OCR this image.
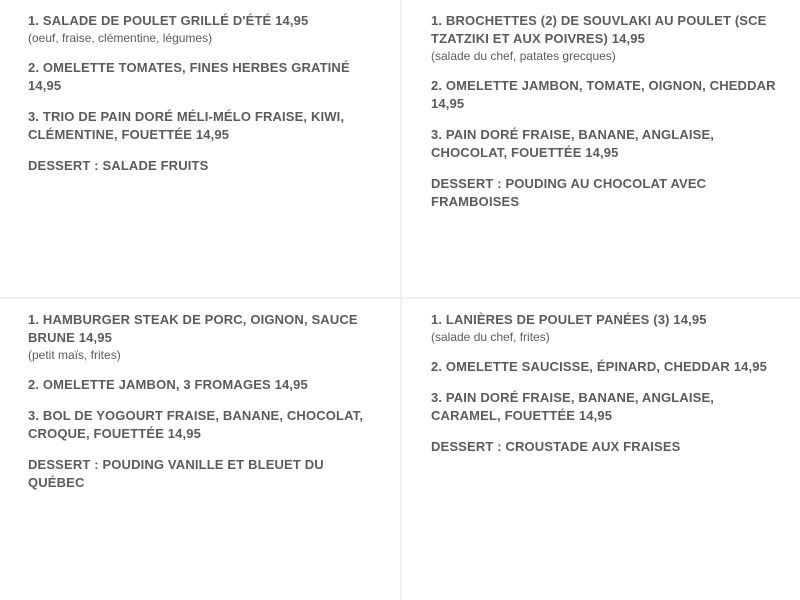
1. SALADE DE POULET GRILLÉ D'ÉTÉ 14,95

(oeuf, fraise, clémentine, légumes)

2. OMELETTE TOMATES, FINES HERBES GRATINÉ 14,95

3. TRIO DE PAIN DORÉ MÉLI-MÉLO FRAISE, KIWI, CLÉMENTINE, FOUETTÉE 14,95

DESSERT : SALADE FRUITS

1. BROCHETTES (2) DE SOUVLAKI AU POULET (SCE TZATZIKI ET AUX POIVRES) 14,95

(salade du chef, patates grecques)

2. OMELETTE JAMBON, TOMATE, OIGNON, CHEDDAR 14,95

3. PAIN DORÉ FRAISE, BANANE, ANGLAISE, CHOCOLAT, FOUETTÉE 14,95

DESSERT : POUDING AU CHOCOLAT AVEC FRAMBOISES

1. HAMBURGER STEAK DE PORC, OIGNON, SAUCE BRUNE 14,95

(petit maïs, frites)

2. OMELETTE JAMBON, 3 FROMAGES 14,95

3. BOL DE YOGOURT FRAISE, BANANE, CHOCOLAT, CROQUE, FOUETTÉE 14,95

DESSERT : POUDING VANILLE ET BLEUET DU QUÉBEC

1. LANIÈRES DE POULET PANÉES (3) 14,95

(salade du chef, frites)

2. OMELETTE SAUCISSE, ÉPINARD, CHEDDAR 14,95

3. PAIN DORÉ FRAISE, BANANE, ANGLAISE, CARAMEL, FOUETTÉE 14,95

DESSERT : CROUSTADE AUX FRAISES
